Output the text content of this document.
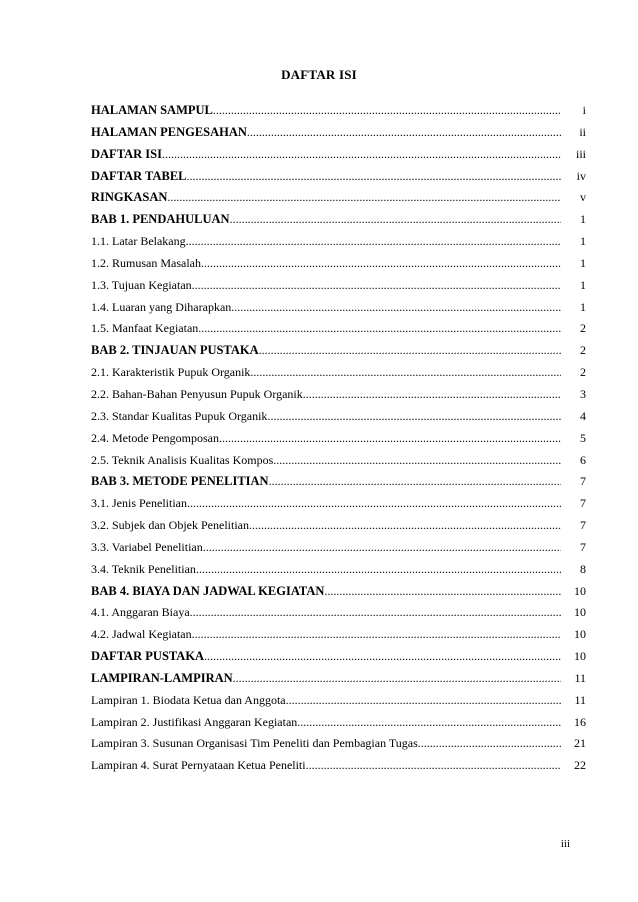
DAFTAR ISI
HALAMAN SAMPUL .....	i
HALAMAN PENGESAHAN .....	ii
DAFTAR ISI .....	iii
DAFTAR TABEL .....	iv
RINGKASAN .....	v
BAB 1. PENDAHULUAN .....	1
1.1. Latar Belakang .....	1
1.2. Rumusan Masalah .....	1
1.3. Tujuan Kegiatan .....	1
1.4. Luaran yang Diharapkan .....	1
1.5. Manfaat Kegiatan .....	2
BAB 2. TINJAUAN PUSTAKA .....	2
2.1. Karakteristik Pupuk Organik .....	2
2.2. Bahan-Bahan Penyusun Pupuk Organik .....	3
2.3. Standar Kualitas Pupuk Organik .....	4
2.4. Metode Pengomposan .....	5
2.5. Teknik Analisis Kualitas Kompos .....	6
BAB 3. METODE PENELITIAN .....	7
3.1. Jenis Penelitian .....	7
3.2. Subjek dan Objek Penelitian .....	7
3.3. Variabel Penelitian .....	7
3.4. Teknik Penelitian .....	8
BAB 4. BIAYA DAN JADWAL KEGIATAN .....	10
4.1. Anggaran Biaya .....	10
4.2. Jadwal Kegiatan .....	10
DAFTAR PUSTAKA .....	10
LAMPIRAN-LAMPIRAN .....	11
Lampiran 1. Biodata Ketua dan Anggota .....	11
Lampiran 2. Justifikasi Anggaran Kegiatan .....	16
Lampiran 3. Susunan Organisasi Tim Peneliti dan Pembagian Tugas .....	21
Lampiran 4. Surat Pernyataan Ketua Peneliti .....	22
iii
